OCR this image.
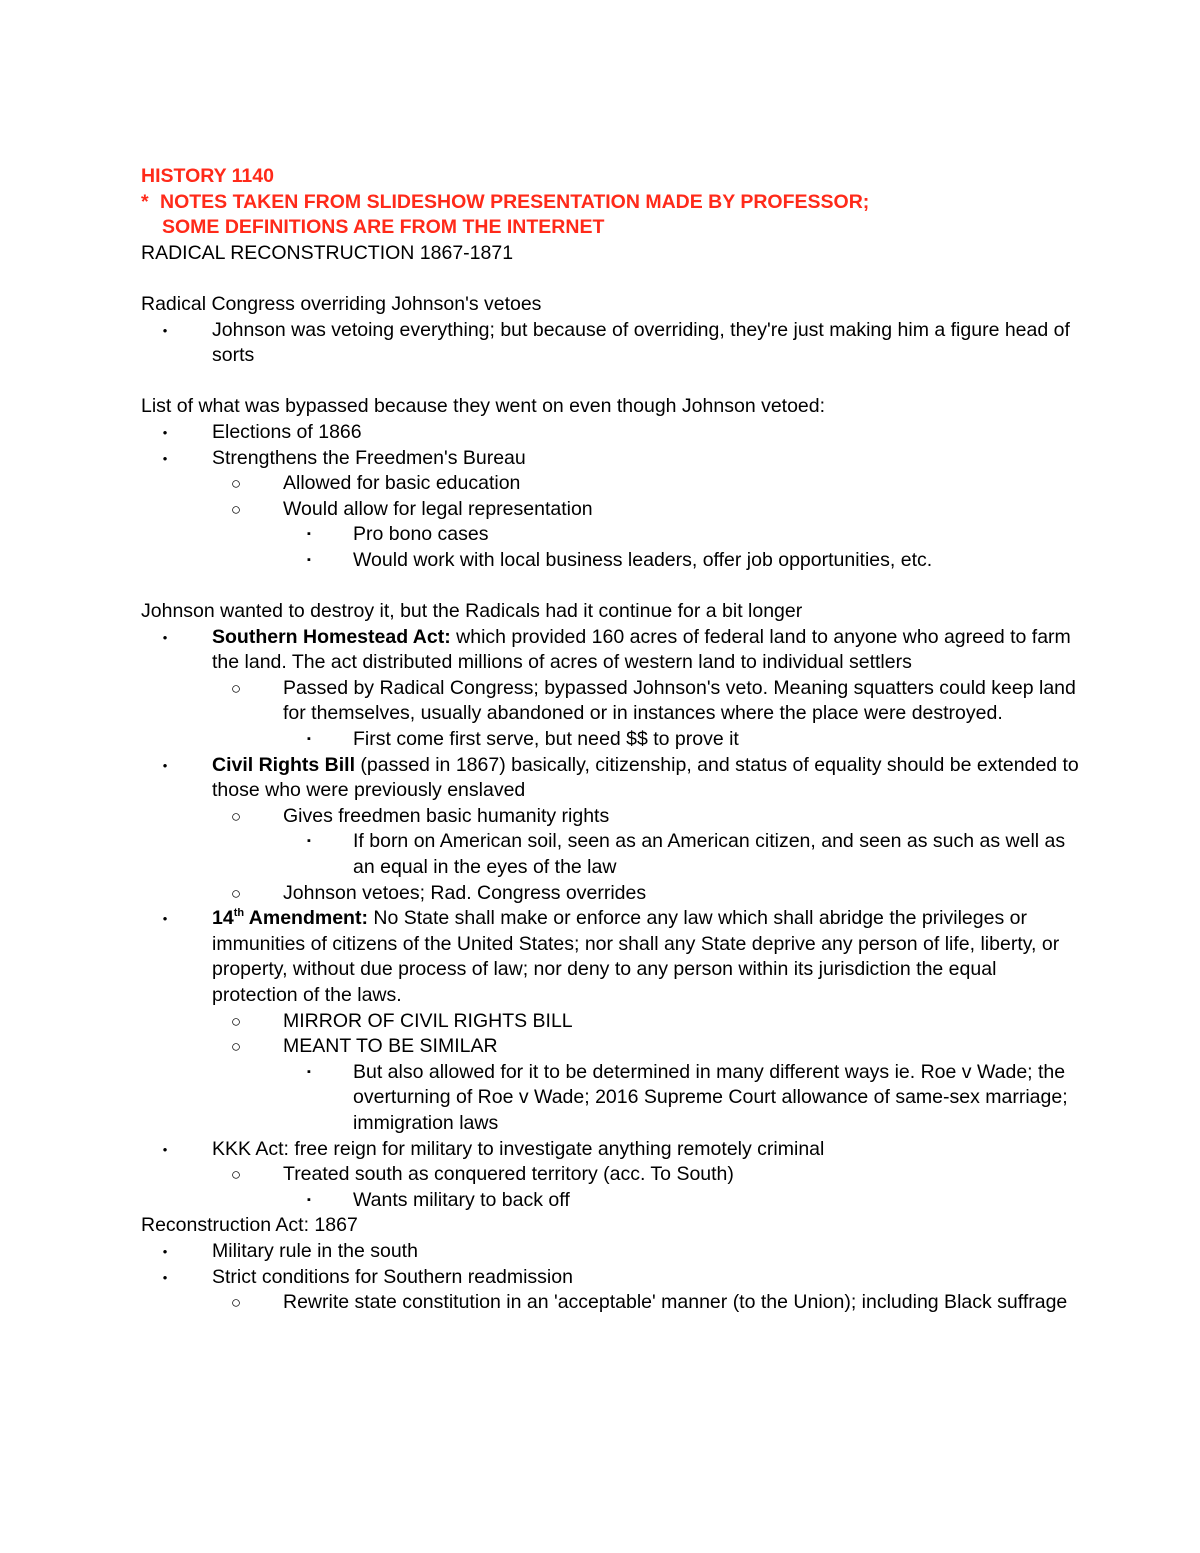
HISTORY 1140
* NOTES TAKEN FROM SLIDESHOW PRESENTATION MADE BY PROFESSOR;
SOME DEFINITIONS ARE FROM THE INTERNET
RADICAL RECONSTRUCTION 1867-1871
Radical Congress overriding Johnson's vetoes
• Johnson was vetoing everything; but because of overriding, they're just making him a figure head of sorts
List of what was bypassed because they went on even though Johnson vetoed:
• Elections of 1866
• Strengthens the Freedmen's Bureau
○ Allowed for basic education
○ Would allow for legal representation
▪ Pro bono cases
▪ Would work with local business leaders, offer job opportunities, etc.
Johnson wanted to destroy it, but the Radicals had it continue for a bit longer
• Southern Homestead Act: which provided 160 acres of federal land to anyone who agreed to farm the land. The act distributed millions of acres of western land to individual settlers
○ Passed by Radical Congress; bypassed Johnson's veto. Meaning squatters could keep land for themselves, usually abandoned or in instances where the place were destroyed.
▪ First come first serve, but need $$ to prove it
• Civil Rights Bill (passed in 1867) basically, citizenship, and status of equality should be extended to those who were previously enslaved
○ Gives freedmen basic humanity rights
▪ If born on American soil, seen as an American citizen, and seen as such as well as an equal in the eyes of the law
○ Johnson vetoes; Rad. Congress overrides
• 14th Amendment: No State shall make or enforce any law which shall abridge the privileges or immunities of citizens of the United States; nor shall any State deprive any person of life, liberty, or property, without due process of law; nor deny to any person within its jurisdiction the equal protection of the laws.
○ MIRROR OF CIVIL RIGHTS BILL
○ MEANT TO BE SIMILAR
▪ But also allowed for it to be determined in many different ways ie. Roe v Wade; the overturning of Roe v Wade; 2016 Supreme Court allowance of same-sex marriage; immigration laws
• KKK Act: free reign for military to investigate anything remotely criminal
○ Treated south as conquered territory (acc. To South)
▪ Wants military to back off
Reconstruction Act: 1867
• Military rule in the south
• Strict conditions for Southern readmission
○ Rewrite state constitution in an 'acceptable' manner (to the Union); including Black suffrage
